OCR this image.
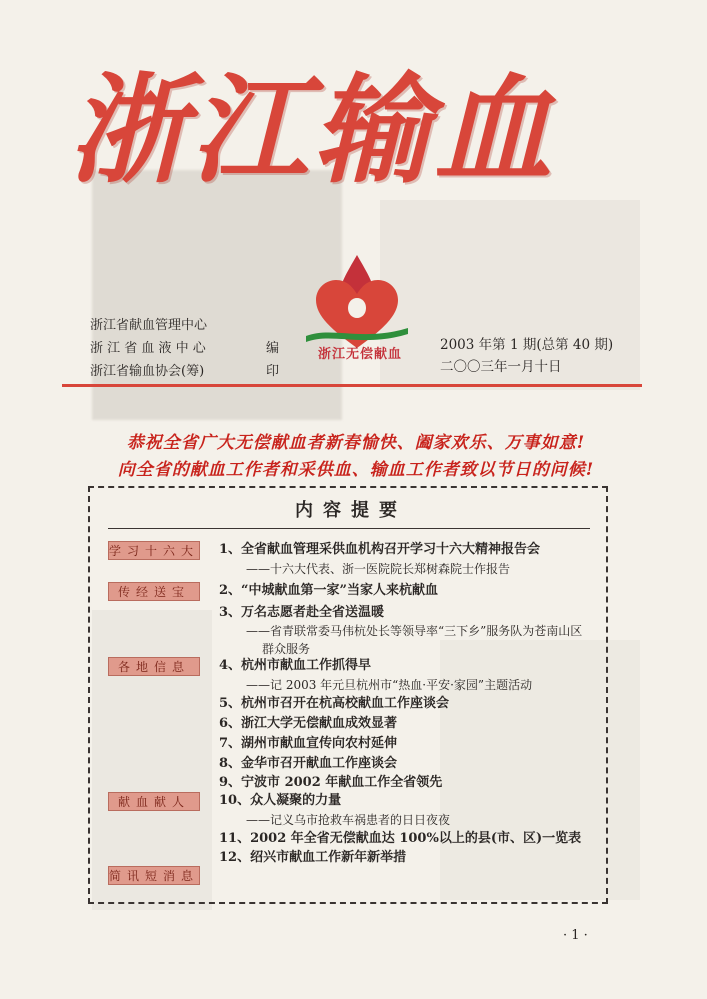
浙江输血
浙江无偿献血
浙江省献血管理中心
浙 江 省 血 液 中 心
浙江省输血协会(筹)
编印
2003 年第 1 期(总第 40 期)
二〇〇三年一月十日
恭祝全省广大无偿献血者新春愉快、阖家欢乐、万事如意!
向全省的献血工作者和采供血、输血工作者致以节日的问候!
内容提要
学习十六大
传经送宝
各地信息
献血献人
简讯短消息
1、全省献血管理采供血机构召开学习十六大精神报告会
——十六大代表、浙一医院院长郑树森院士作报告
2、“中城献血第一家”当家人来杭献血
3、万名志愿者赴全省送温暖
——省青联常委马伟杭处长等领导率“三下乡”服务队为苍南山区
群众服务
4、杭州市献血工作抓得早
——记 2003 年元旦杭州市“热血·平安·家园”主题活动
5、杭州市召开在杭高校献血工作座谈会
6、浙江大学无偿献血成效显著
7、湖州市献血宣传向农村延伸
8、金华市召开献血工作座谈会
9、宁波市 2002 年献血工作全省领先
10、众人凝聚的力量
——记义乌市抢救车祸患者的日日夜夜
11、2002 年全省无偿献血达 100%以上的县(市、区)一览表
12、绍兴市献血工作新年新举措
· 1 ·
